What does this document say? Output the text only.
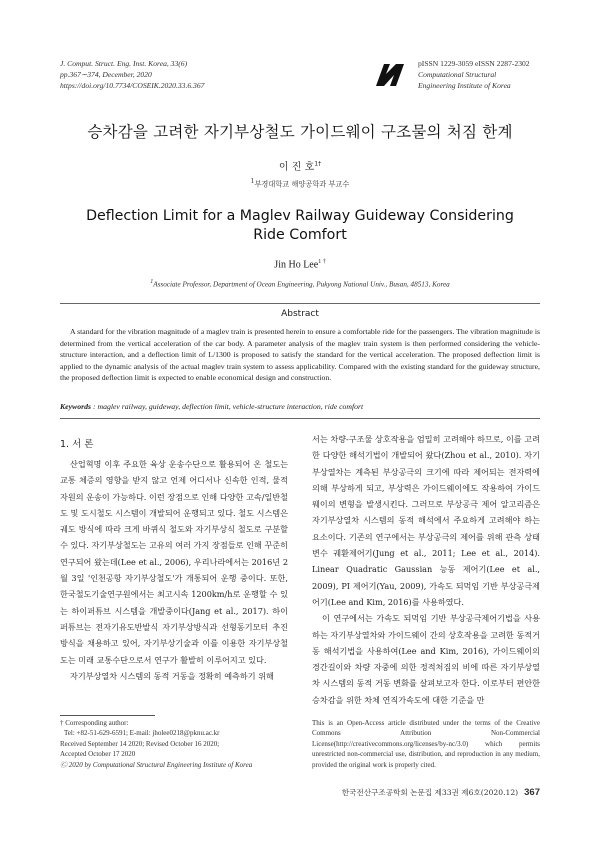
J. Comput. Struct. Eng. Inst. Korea, 33(6)
pp.367∼374, December, 2020
https://doi.org/10.7734/COSEIK.2020.33.6.367
pISSN 1229-3059 eISSN 2287-2302
Computational Structural
Engineering Institute of Korea
승차감을 고려한 자기부상철도 가이드웨이 구조물의 처짐 한계
이 진 호$^{1\dagger}$
$^1$부경대학교 해양공학과 부교수
Deflection Limit for a Maglev Railway Guideway Considering
Ride Comfort
Jin Ho Lee$^{1 \dagger}$
$^1$Associate Professor, Department of Ocean Engineering, Pukyong National Univ., Busan, 48513, Korea
Abstract
A standard for the vibration magnitude of a maglev train is presented herein to ensure a comfortable ride for the passengers. The vibration magnitude is determined from the vertical acceleration of the car body. A parameter analysis of the maglev train system is then performed considering the vehicle-structure interaction, and a deflection limit of L/1300 is proposed to satisfy the standard for the vertical acceleration. The proposed deflection limit is applied to the dynamic analysis of the actual maglev train system to assess applicability. Compared with the existing standard for the guideway structure, the proposed deflection limit is expected to enable economical design and construction.
Keywords : maglev railway, guideway, deflection limit, vehicle-structure interaction, ride comfort
1. 서 론

산업혁명 이후 주요한 육상 운송수단으로 활용되어 온 철도는 교통 체증의 영향을 받지 않고 언제 어디서나 신속한 인적, 물적 자원의 운송이 가능하다. 이런 장점으로 인해 다양한 고속/일반철도 및 도시철도 시스템이 개발되어 운행되고 있다. 철도 시스템은 궤도 방식에 따라 크게 바퀴식 철도와 자기부상식 철도로 구분할 수 있다. 자기부상철도는 고유의 여러 가지 장점들로 인해 꾸준히 연구되어 왔는데(Lee et al., 2006), 우리나라에서는 2016년 2월 3일 '인천공항 자기부상철도'가 개통되어 운행 중이다. 또한, 한국철도기술연구원에서는 최고시속 1200km/h로 운행할 수 있는 하이퍼튜브 시스템을 개발중이다(Jang et al., 2017). 하이퍼튜브는 전자기유도반발식 자기부상방식과 선형동기모터 추진방식을 채용하고 있어, 자기부상기술과 이를 이용한 자기부상철도는 미래 교통수단으로서 연구가 활발히 이루어지고 있다.

자기부상열차 시스템의 동적 거동을 정확히 예측하기 위해

서는 차량-구조물 상호작용을 엄밀히 고려해야 하므로, 이를 고려한 다양한 해석기법이 개발되어 왔다(Zhou et al., 2010). 자기부상열차는 계측된 부상공극의 크기에 따라 제어되는 전자력에 의해 부상하게 되고, 부상력은 가이드웨이에도 작용하여 가이드웨이의 변형을 발생시킨다. 그러므로 부상공극 제어 알고리즘은 자기부상열차 시스템의 동적 해석에서 주요하게 고려해야 하는 요소이다. 기존의 연구에서는 부상공극의 제어를 위해 관측 상태변수 궤환제어기(Jung et al., 2011; Lee et al., 2014). Linear Quadratic Gaussian 능동 제어기(Lee et al., 2009), PI 제어기(Yau, 2009), 가속도 되먹임 기반 부상공극제어기(Lee and Kim, 2016)를 사용하였다.

이 연구에서는 가속도 되먹임 기반 부상공극제어기법을 사용하는 자기부상열차와 가이드웨이 간의 상호작용을 고려한 동적거동 해석기법을 사용하여(Lee and Kim, 2016), 가이드웨이의 경간길이와 차량 자중에 의한 정적처짐의 비에 따른 자기부상열차 시스템의 동적 거동 변화를 살펴보고자 한다. 이로부터 편안한 승차감을 위한 차체 연직가속도에 대한 기준을 만

† Corresponding author:
Tel: +82-51-629-6591; E-mail: jholee0218@pknu.ac.kr
Received September 14 2020; Revised October 16 2020;
Accepted October 17 2020
Ⓒ 2020 by Computational Structural Engineering Institute of Korea
This is an Open-Access article distributed under the terms of the Creative Commons Attribution Non-Commercial License(http://creativecommons.org/licenses/by-nc/3.0) which permits unrestricted non-commercial use, distribution, and reproduction in any medium, provided the original work is properly cited.
한국전산구조공학회 논문집 제33권 제6호(2020.12) 367
